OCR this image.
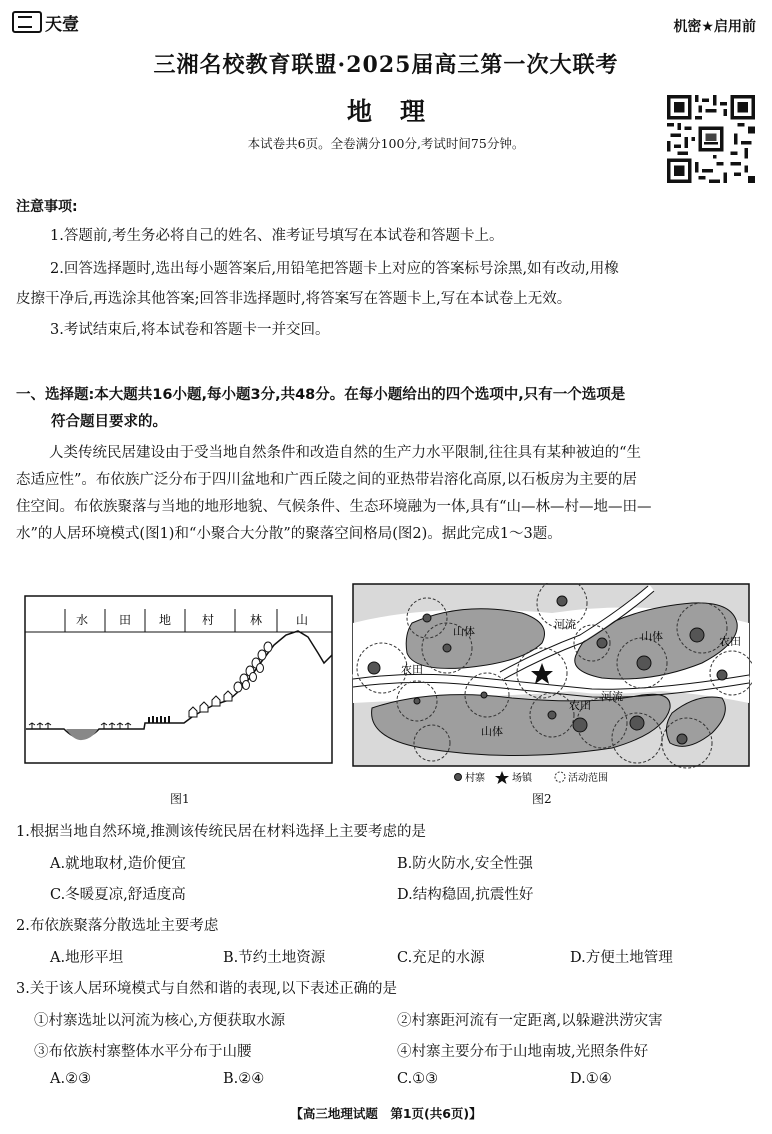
天壹	机密★启用前
三湘名校教育联盟·2025届高三第一次大联考
地理
本试卷共6页。全卷满分100分,考试时间75分钟。
注意事项:
1.答题前,考生务必将自己的姓名、准考证号填写在本试卷和答题卡上。
2.回答选择题时,选出每小题答案后,用铅笔把答题卡上对应的答案标号涂黑,如有改动,用橡
皮擦干净后,再选涂其他答案;回答非选择题时,将答案写在答题卡上,写在本试卷上无效。
3.考试结束后,将本试卷和答题卡一并交回。
一、选择题:本大题共16小题,每小题3分,共48分。在每小题给出的四个选项中,只有一个选项是
符合题目要求的。
人类传统民居建设由于受当地自然条件和改造自然的生产力水平限制,往往具有某种被迫的“生
态适应性”。布依族广泛分布于四川盆地和广西丘陵之间的亚热带岩溶化高原,以石板房为主要的居
住空间。布依族聚落与当地的地形地貌、气候条件、生态环境融为一体,具有“山—林—村—地—田—
水”的人居环境模式(图1)和“小聚合大分散”的聚落空间格局(图2)。据此完成1～3题。
水	田 地	村	林	山
图1
山体	山体
山体
河流
河流
农田
农田
农田
村寨	场镇	活动范围
图2
1.根据当地自然环境,推测该传统民居在材料选择上主要考虑的是
A.就地取材,造价便宜	B.防火防水,安全性强
C.冬暖夏凉,舒适度高	D.结构稳固,抗震性好
2.布依族聚落分散选址主要考虑
A.地形平坦	B.节约土地资源	C.充足的水源	D.方便土地管理
3.关于该人居环境模式与自然和谐的表现,以下表述正确的是
①村寨选址以河流为核心,方便获取水源	②村寨距河流有一定距离,以躲避洪涝灾害
③布依族村寨整体水平分布于山腰	④村寨主要分布于山地南坡,光照条件好
A.②③	B.②④	C.①③	D.①④
【高三地理试题　第1页(共6页)】
